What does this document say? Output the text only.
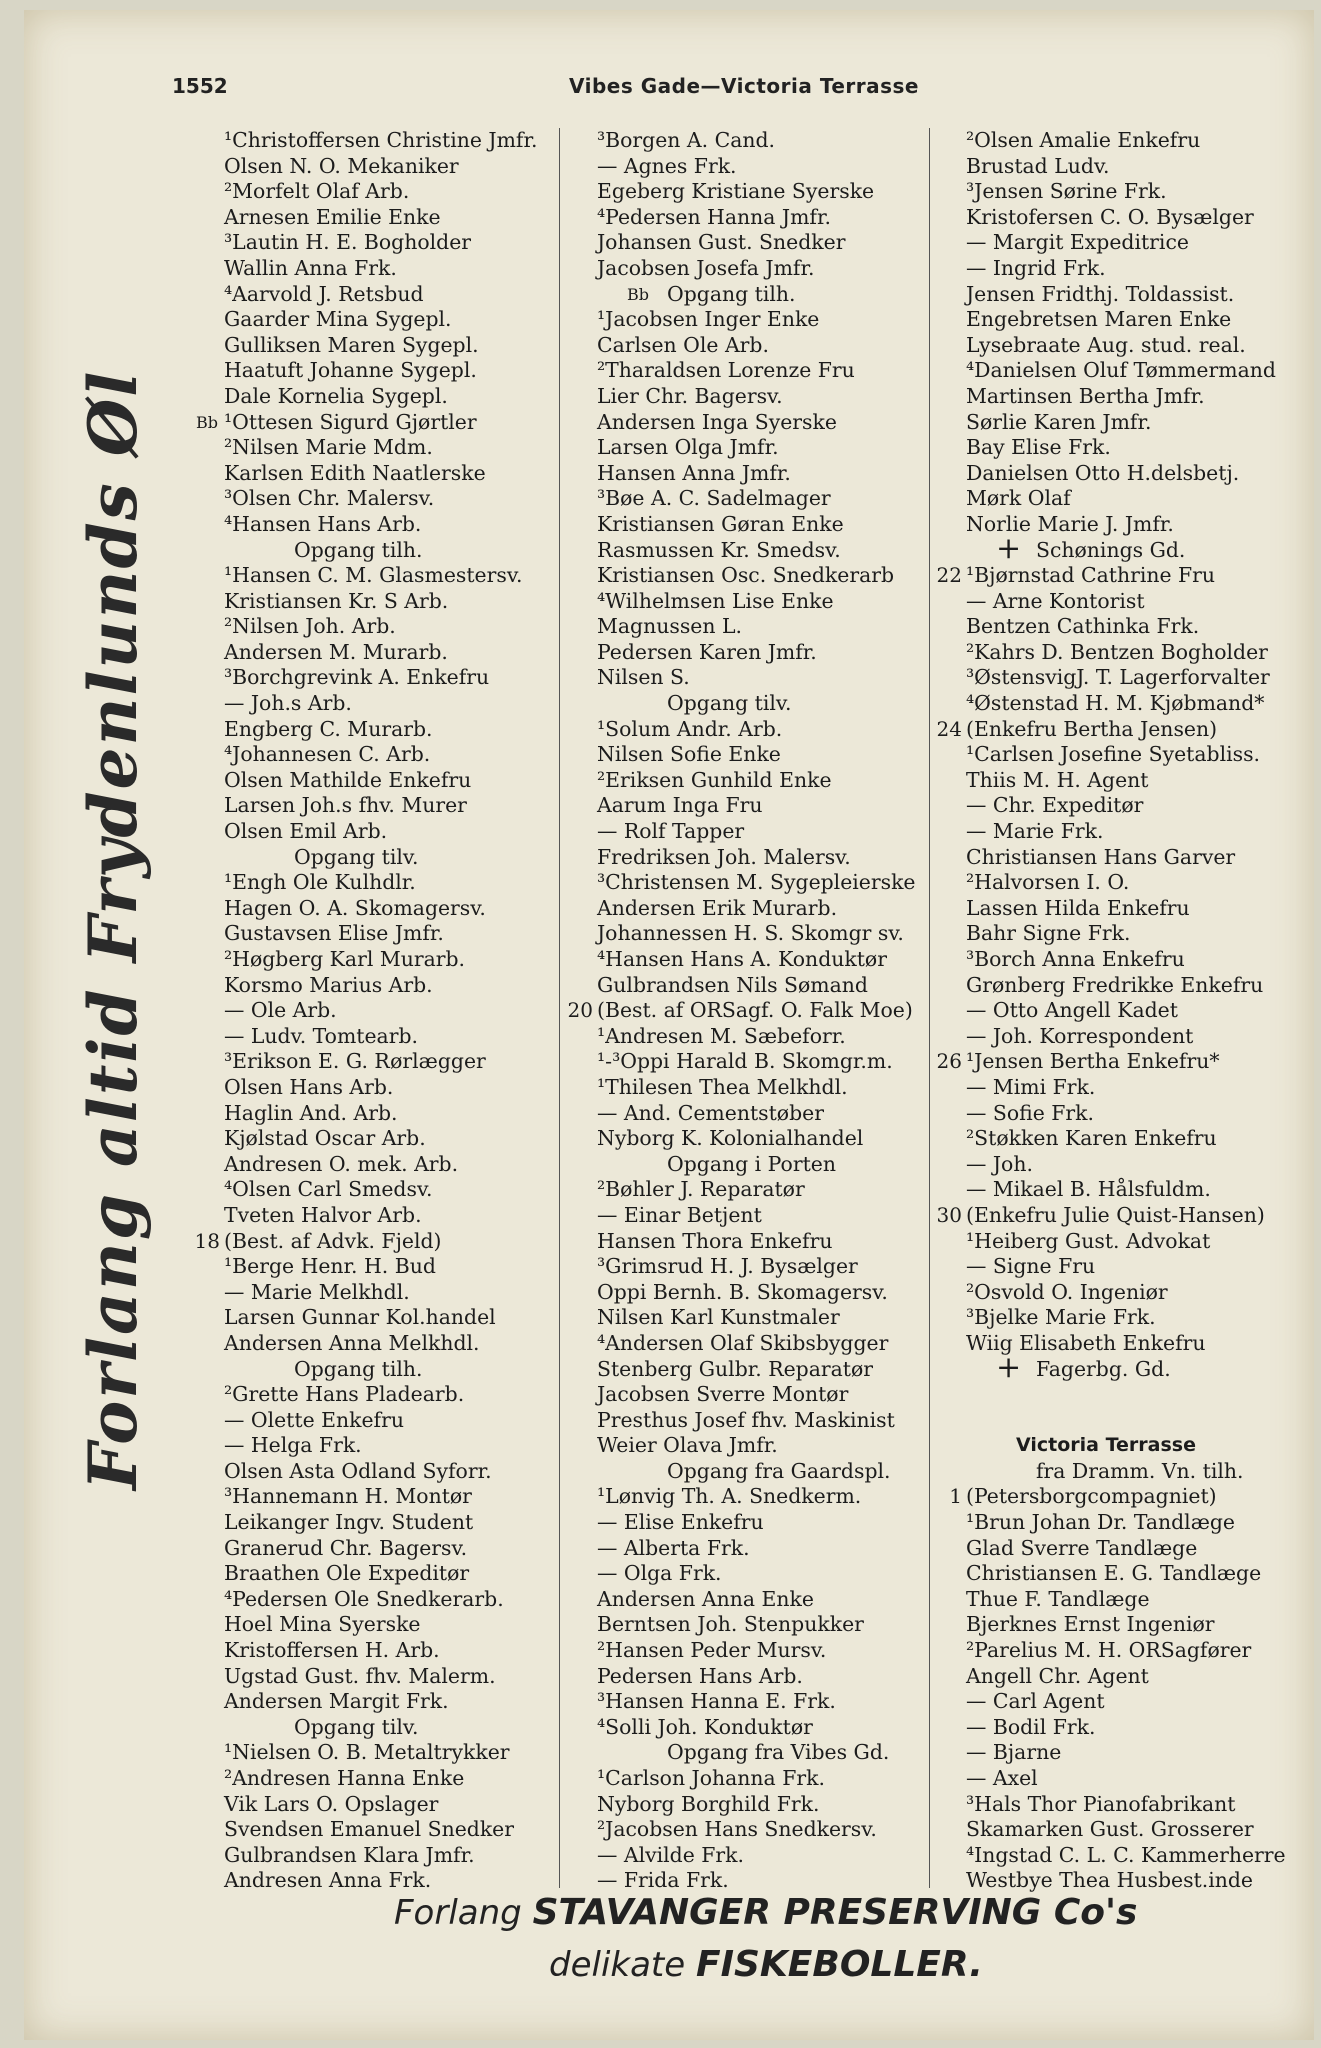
1552	Vibes Gade—Victoria Terrasse
Forlang altid Frydenlunds Øl
¹Christoffersen Christine Jmfr.
Olsen N. O. Mekaniker
²Morfelt Olaf Arb.
Arnesen Emilie Enke
³Lautin H. E. Bogholder
Wallin Anna Frk.
⁴Aarvold J. Retsbud
Gaarder Mina Sygepl.
Gulliksen Maren Sygepl.
Haatuft Johanne Sygepl.
Dale Kornelia Sygepl.
Bb ¹Ottesen Sigurd Gjørtler
²Nilsen Marie Mdm.
Karlsen Edith Naatlerske
³Olsen Chr. Malersv.
⁴Hansen Hans Arb.
Opgang tilh.
¹Hansen C. M. Glasmestersv.
Kristiansen Kr. S Arb.
²Nilsen Joh. Arb.
Andersen M. Murarb.
³Borchgrevink A. Enkefru
— Joh.s Arb.
Engberg C. Murarb.
⁴Johannesen C. Arb.
Olsen Mathilde Enkefru
Larsen Joh.s fhv. Murer
Olsen Emil Arb.
Opgang tilv.
¹Engh Ole Kulhdlr.
Hagen O. A. Skomagersv.
Gustavsen Elise Jmfr.
²Høgberg Karl Murarb.
Korsmo Marius Arb.
— Ole Arb.
— Ludv. Tomtearb.
³Erikson E. G. Rørlægger
Olsen Hans Arb.
Haglin And. Arb.
Kjølstad Oscar Arb.
Andresen O. mek. Arb.
⁴Olsen Carl Smedsv.
Tveten Halvor Arb.
18 (Best. af Advk. Fjeld)
¹Berge Henr. H. Bud
— Marie Melkhdl.
Larsen Gunnar Kol.handel
Andersen Anna Melkhdl.
Opgang tilh.
²Grette Hans Pladearb.
— Olette Enkefru
— Helga Frk.
Olsen Asta Odland Syforr.
³Hannemann H. Montør
Leikanger Ingv. Student
Granerud Chr. Bagersv.
Braathen Ole Expeditør
⁴Pedersen Ole Snedkerarb.
Hoel Mina Syerske
Kristoffersen H. Arb.
Ugstad Gust. fhv. Malerm.
Andersen Margit Frk.
Opgang tilv.
¹Nielsen O. B. Metaltrykker
²Andresen Hanna Enke
Vik Lars O. Opslager
Svendsen Emanuel Snedker
Gulbrandsen Klara Jmfr.
Andresen Anna Frk.
³Borgen A. Cand.
— Agnes Frk.
Egeberg Kristiane Syerske
⁴Pedersen Hanna Jmfr.
Johansen Gust. Snedker
Jacobsen Josefa Jmfr.
Bb Opgang tilh.
¹Jacobsen Inger Enke
Carlsen Ole Arb.
²Tharaldsen Lorenze Fru
Lier Chr. Bagersv.
Andersen Inga Syerske
Larsen Olga Jmfr.
Hansen Anna Jmfr.
³Bøe A. C. Sadelmager
Kristiansen Gøran Enke
Rasmussen Kr. Smedsv.
Kristiansen Osc. Snedkerarb
⁴Wilhelmsen Lise Enke
Magnussen L.
Pedersen Karen Jmfr.
Nilsen S.
Opgang tilv.
¹Solum Andr. Arb.
Nilsen Sofie Enke
²Eriksen Gunhild Enke
Aarum Inga Fru
— Rolf Tapper
Fredriksen Joh. Malersv.
³Christensen M. Sygepleierske
Andersen Erik Murarb.
Johannessen H. S. Skomgr sv.
⁴Hansen Hans A. Konduktør
Gulbrandsen Nils Sømand
20 (Best. af ORSagf. O. Falk Moe)
¹Andresen M. Sæbeforr.
¹-³Oppi Harald B. Skomgr.m.
¹Thilesen Thea Melkhdl.
— And. Cementstøber
Nyborg K. Kolonialhandel
Opgang i Porten
²Bøhler J. Reparatør
— Einar Betjent
Hansen Thora Enkefru
³Grimsrud H. J. Bysælger
Oppi Bernh. B. Skomagersv.
Nilsen Karl Kunstmaler
⁴Andersen Olaf Skibsbygger
Stenberg Gulbr. Reparatør
Jacobsen Sverre Montør
Presthus Josef fhv. Maskinist
Weier Olava Jmfr.
Opgang fra Gaardspl.
¹Lønvig Th. A. Snedkerm.
— Elise Enkefru
— Alberta Frk.
— Olga Frk.
Andersen Anna Enke
Berntsen Joh. Stenpukker
²Hansen Peder Mursv.
Pedersen Hans Arb.
³Hansen Hanna E. Frk.
⁴Solli Joh. Konduktør
Opgang fra Vibes Gd.
¹Carlson Johanna Frk.
Nyborg Borghild Frk.
²Jacobsen Hans Snedkersv.
— Alvilde Frk.
— Frida Frk.
²Olsen Amalie Enkefru
Brustad Ludv.
³Jensen Sørine Frk.
Kristofersen C. O. Bysælger
— Margit Expeditrice
— Ingrid Frk.
Jensen Fridthj. Toldassist.
Engebretsen Maren Enke
Lysebraate Aug. stud. real.
⁴Danielsen Oluf Tømmermand
Martinsen Bertha Jmfr.
Sørlie Karen Jmfr.
Bay Elise Frk.
Danielsen Otto H.delsbetj.
Mørk Olaf
Norlie Marie J. Jmfr.
+ Schønings Gd.
22 ¹Bjørnstad Cathrine Fru
— Arne Kontorist
Bentzen Cathinka Frk.
²Kahrs D. Bentzen Bogholder
³ØstensvigJ. T. Lagerforvalter
⁴Østenstad H. M. Kjøbmand*
24 (Enkefru Bertha Jensen)
¹Carlsen Josefine Syetabliss.
Thiis M. H. Agent
— Chr. Expeditør
— Marie Frk.
Christiansen Hans Garver
²Halvorsen I. O.
Lassen Hilda Enkefru
Bahr Signe Frk.
³Borch Anna Enkefru
Grønberg Fredrikke Enkefru
— Otto Angell Kadet
— Joh. Korrespondent
26 ¹Jensen Bertha Enkefru*
— Mimi Frk.
— Sofie Frk.
²Støkken Karen Enkefru
— Joh.
— Mikael B. Hålsfuldm.
30 (Enkefru Julie Quist-Hansen)
¹Heiberg Gust. Advokat
— Signe Fru
²Osvold O. Ingeniør
³Bjelke Marie Frk.
Wiig Elisabeth Enkefru
+ Fagerbg. Gd.
Victoria Terrasse
fra Dramm. Vn. tilh.
1 (Petersborgcompagniet)
¹Brun Johan Dr. Tandlæge
Glad Sverre Tandlæge
Christiansen E. G. Tandlæge
Thue F. Tandlæge
Bjerknes Ernst Ingeniør
²Parelius M. H. ORSagfører
Angell Chr. Agent
— Carl Agent
— Bodil Frk.
— Bjarne
— Axel
³Hals Thor Pianofabrikant
Skamarken Gust. Grosserer
⁴Ingstad C. L. C. Kammerherre
Westbye Thea Husbest.inde
Forlang STAVANGER PRESERVING Co's
delikate FISKEBOLLER.
